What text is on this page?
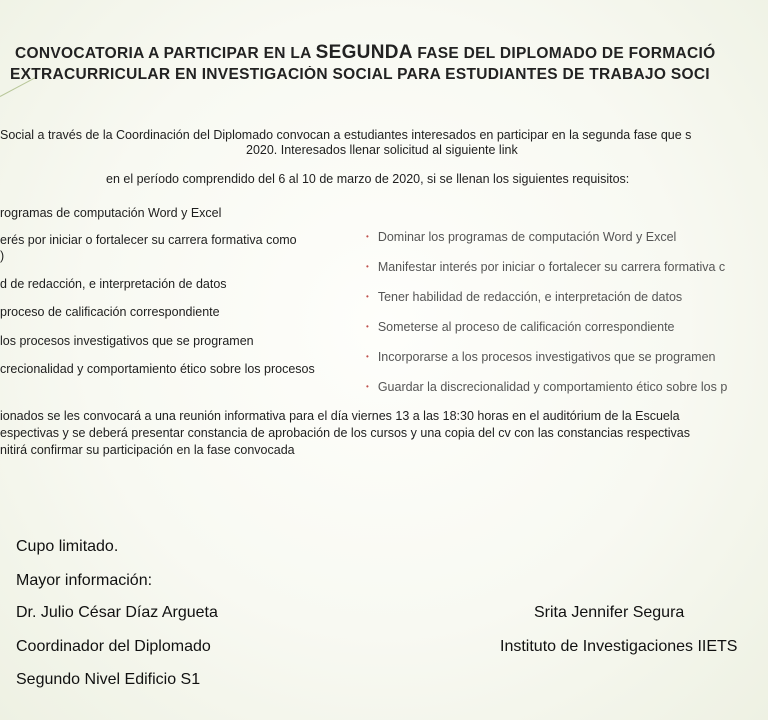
CONVOCATORIA A PARTICIPAR EN LA SEGUNDA FASE DEL DIPLOMADO DE FORMACIÓ
EXTRACURRICULAR EN INVESTIGACIÓN SOCIAL PARA ESTUDIANTES DE TRABAJO SOCI
Social a través de la Coordinación del Diplomado convocan a estudiantes interesados en participar en la segunda fase que s
2020. Interesados llenar solicitud al siguiente link
en el período comprendido del 6 al 10 de marzo de 2020, si se llenan los siguientes requisitos:
rogramas de computación Word y Excel
erés por iniciar o fortalecer su carrera formativa como
)
d de redacción, e interpretación de datos
proceso de calificación correspondiente
los procesos investigativos que se programen
crecionalidad y comportamiento ético sobre los procesos
• Dominar los programas de computación Word y Excel
• Manifestar interés por iniciar o fortalecer su carrera formativa c
• Tener habilidad de redacción, e interpretación de datos
• Someterse al proceso de calificación correspondiente
• Incorporarse a los procesos investigativos que se programen
• Guardar la discrecionalidad y comportamiento ético sobre los p
ionados se les convocará a una reunión informativa para el día viernes 13 a las 18:30 horas en el auditórium de la Escuela
espectivas y se deberá presentar constancia de aprobación de los cursos y una copia del cv con las constancias respectivas
nitirá confirmar su participación en la fase convocada
Cupo limitado.
Mayor información:
Dr. Julio César Díaz Argueta
Coordinador del Diplomado
Segundo Nivel Edificio S1
Srita Jennifer Segura
Instituto de Investigaciones IIETS
